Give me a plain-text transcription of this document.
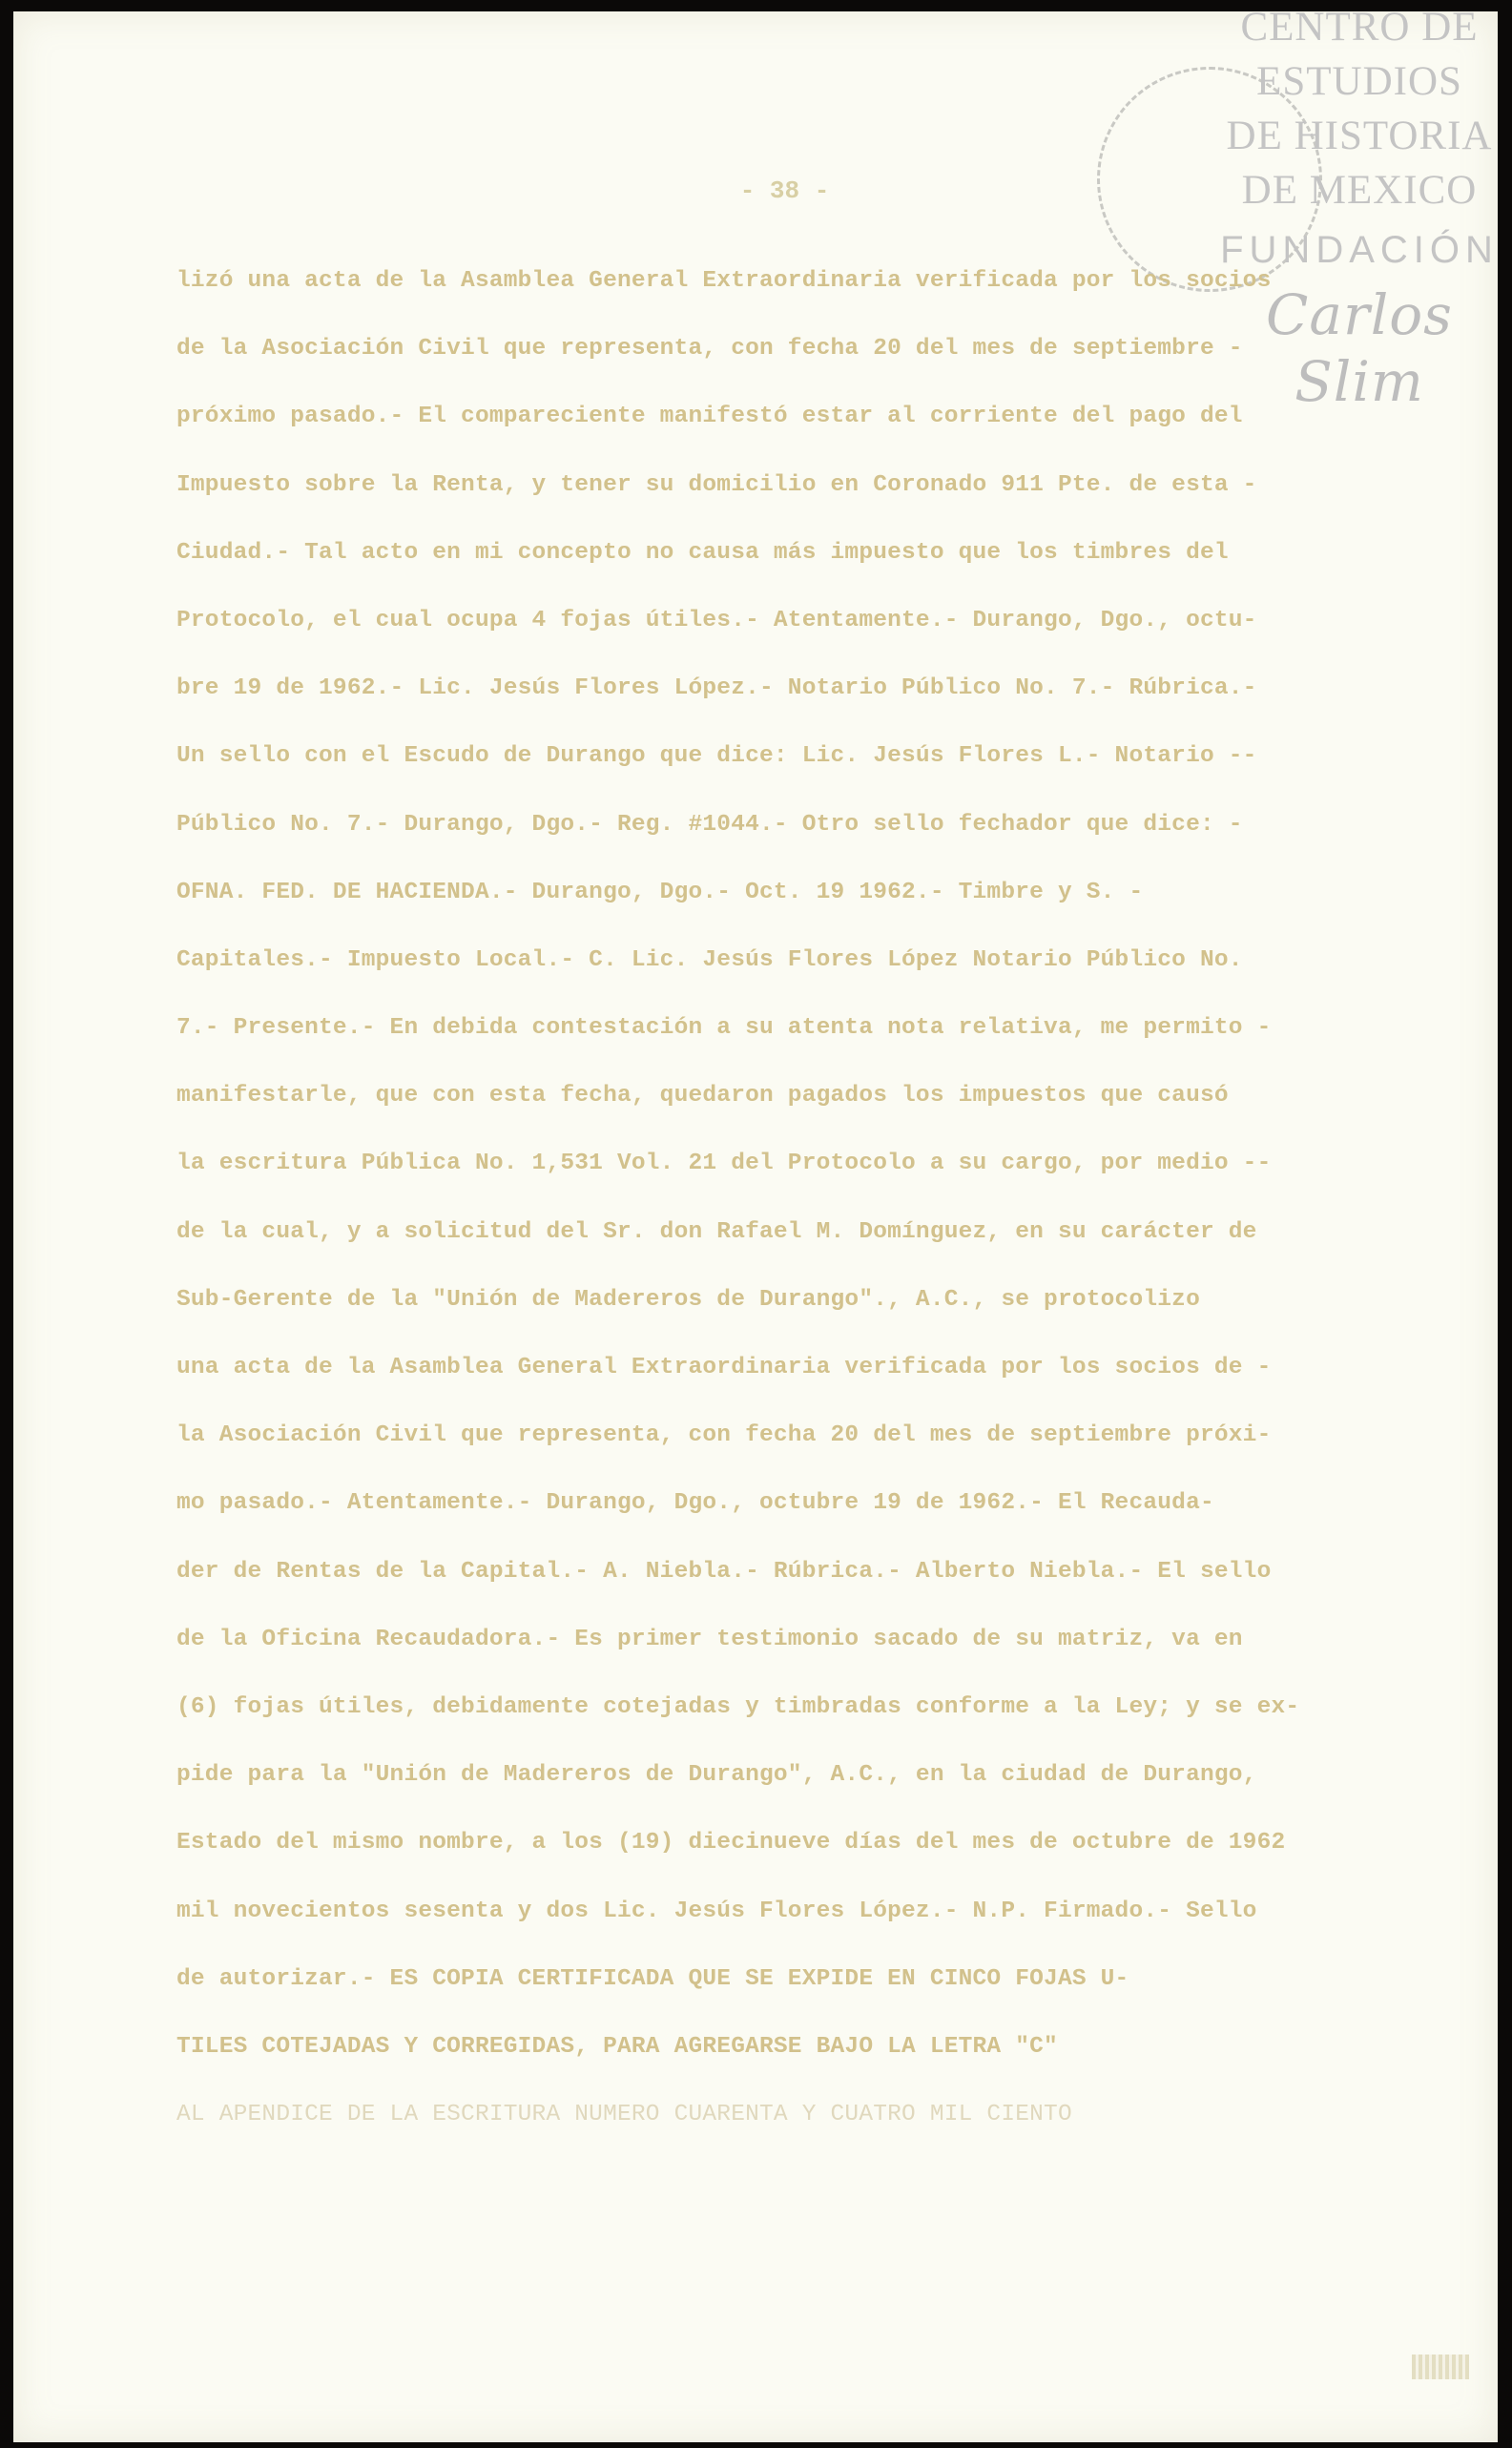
CENTRO DE
ESTUDIOS
DE HISTORIA
DE MEXICO
FUNDACIÓN
Carlos Slim
- 38 -
lizó una acta de la Asamblea General Extraordinaria verificada por los socios
de la Asociación Civil que representa, con fecha 20 del mes de septiembre -
próximo pasado.- El compareciente manifestó estar al corriente del pago del
Impuesto sobre la Renta, y tener su domicilio en Coronado 911 Pte. de esta -
Ciudad.- Tal acto en mi concepto no causa más impuesto que los timbres del
Protocolo, el cual ocupa 4 fojas útiles.- Atentamente.- Durango, Dgo., octu-
bre 19 de 1962.- Lic. Jesús Flores López.- Notario Público No. 7.- Rúbrica.-
Un sello con el Escudo de Durango que dice: Lic. Jesús Flores L.- Notario --
Público No. 7.- Durango, Dgo.- Reg. #1044.- Otro sello fechador que dice: -
OFNA. FED. DE HACIENDA.- Durango, Dgo.- Oct. 19 1962.- Timbre y S. -
Capitales.- Impuesto Local.- C. Lic. Jesús Flores López Notario Público No.
7.- Presente.- En debida contestación a su atenta nota relativa, me permito -
manifestarle, que con esta fecha, quedaron pagados los impuestos que causó
la escritura Pública No. 1,531 Vol. 21 del Protocolo a su cargo, por medio --
de la cual, y a solicitud del Sr. don Rafael M. Domínguez, en su carácter de
Sub-Gerente de la "Unión de Madereros de Durango"., A.C., se protocolizo
una acta de la Asamblea General Extraordinaria verificada por los socios de -
la Asociación Civil que representa, con fecha 20 del mes de septiembre próxi-
mo pasado.- Atentamente.- Durango, Dgo., octubre 19 de 1962.- El Recauda-
der de Rentas de la Capital.- A. Niebla.- Rúbrica.- Alberto Niebla.- El sello
de la Oficina Recaudadora.- Es primer testimonio sacado de su matriz, va en
(6) fojas útiles, debidamente cotejadas y timbradas conforme a la Ley; y se ex-
pide para la "Unión de Madereros de Durango", A.C., en la ciudad de Durango,
Estado del mismo nombre, a los (19) diecinueve días del mes de octubre de 1962
mil novecientos sesenta y dos Lic. Jesús Flores López.- N.P. Firmado.- Sello
de autorizar.- ES COPIA CERTIFICADA QUE SE EXPIDE EN CINCO FOJAS U-
TILES COTEJADAS Y CORREGIDAS, PARA AGREGARSE BAJO LA LETRA "C"
AL APENDICE DE LA ESCRITURA NUMERO CUARENTA Y CUATRO MIL CIENTO
